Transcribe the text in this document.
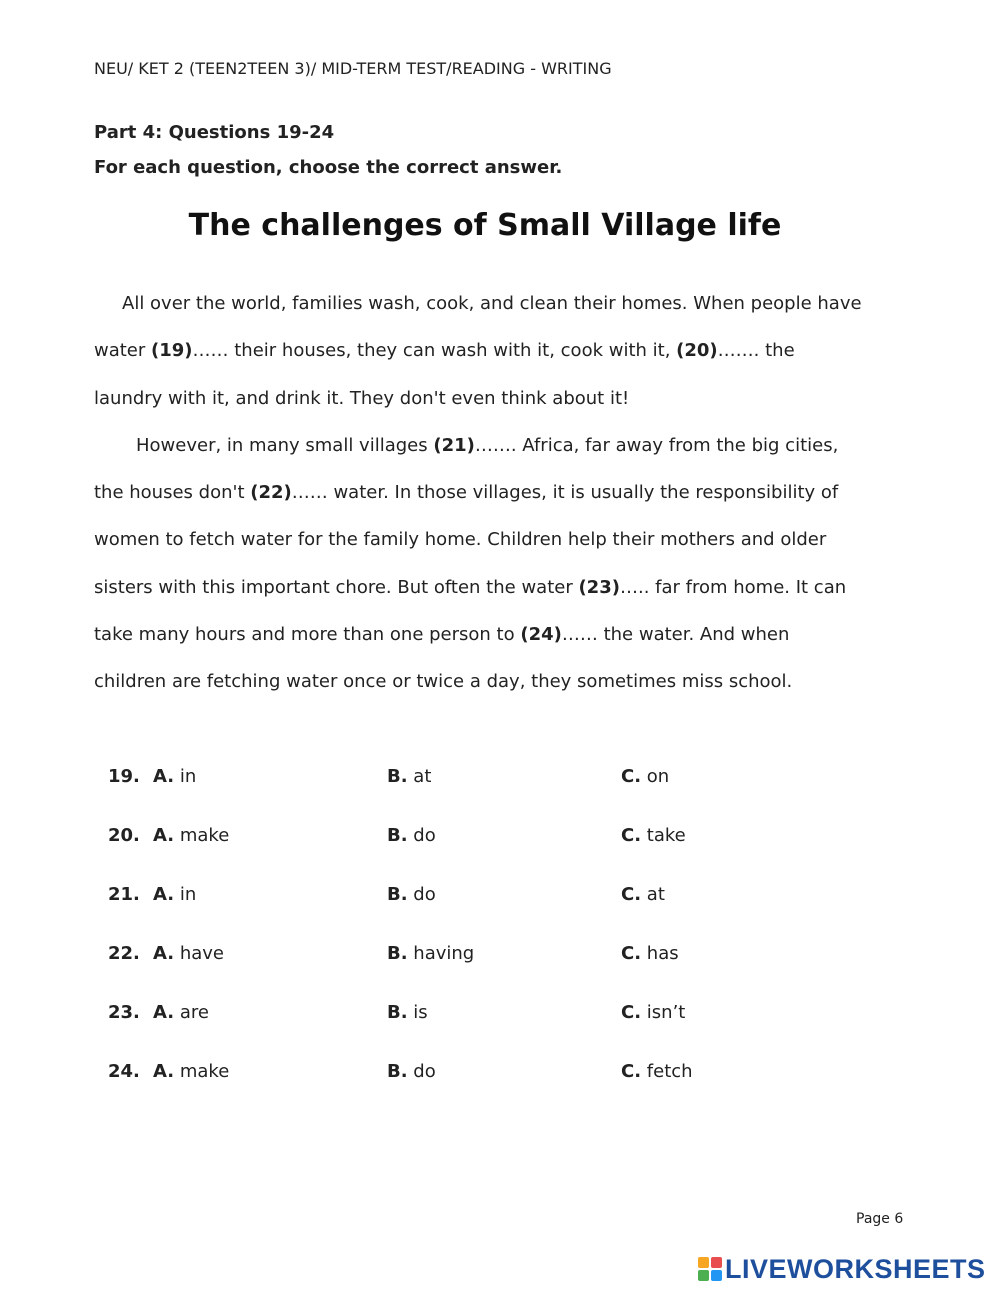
NEU/ KET 2 (TEEN2TEEN 3)/ MID-TERM TEST/READING - WRITING
Part 4: Questions 19-24
For each question, choose the correct answer.
The challenges of Small Village life

All over the world, families wash, cook, and clean their homes. When people have water (19)…… their houses, they can wash with it, cook with it, (20)……. the laundry with it, and drink it. They don't even think about it!

However, in many small villages (21)……. Africa, far away from the big cities, the houses don't (22)…… water. In those villages, it is usually the responsibility of women to fetch water for the family home. Children help their mothers and older sisters with this important chore. But often the water (23)….. far from home. It can take many hours and more than one person to (24)…… the water. And when children are fetching water once or twice a day, they sometimes miss school.

19. A. in	B. at	C. on
20. A. make	B. do	C. take
21. A. in	B. do	C. at
22. A. have	B. having	C. has
23. A. are	B. is	C. isn’t
24. A. make	B. do	C. fetch
Page 6
LIVEWORKSHEETS
